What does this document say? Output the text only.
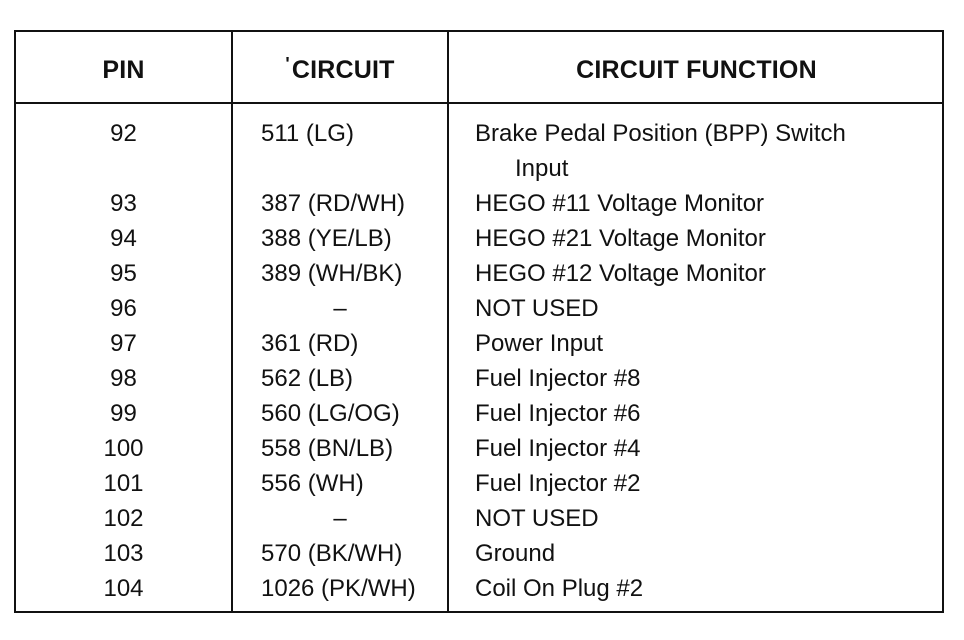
PIN	'CIRCUIT	CIRCUIT FUNCTION
92	511 (LG)	Brake Pedal Position (BPP) Switch
Input
93	387 (RD/WH)	HEGO #11 Voltage Monitor
94	388 (YE/LB)	HEGO #21 Voltage Monitor
95	389 (WH/BK)	HEGO #12 Voltage Monitor
96	–	NOT USED
97	361 (RD)	Power Input
98	562 (LB)	Fuel Injector #8
99	560 (LG/OG)	Fuel Injector #6
100	558 (BN/LB)	Fuel Injector #4
101	556 (WH)	Fuel Injector #2
102	–	NOT USED
103	570 (BK/WH)	Ground
104	1026 (PK/WH) Coil On Plug #2
